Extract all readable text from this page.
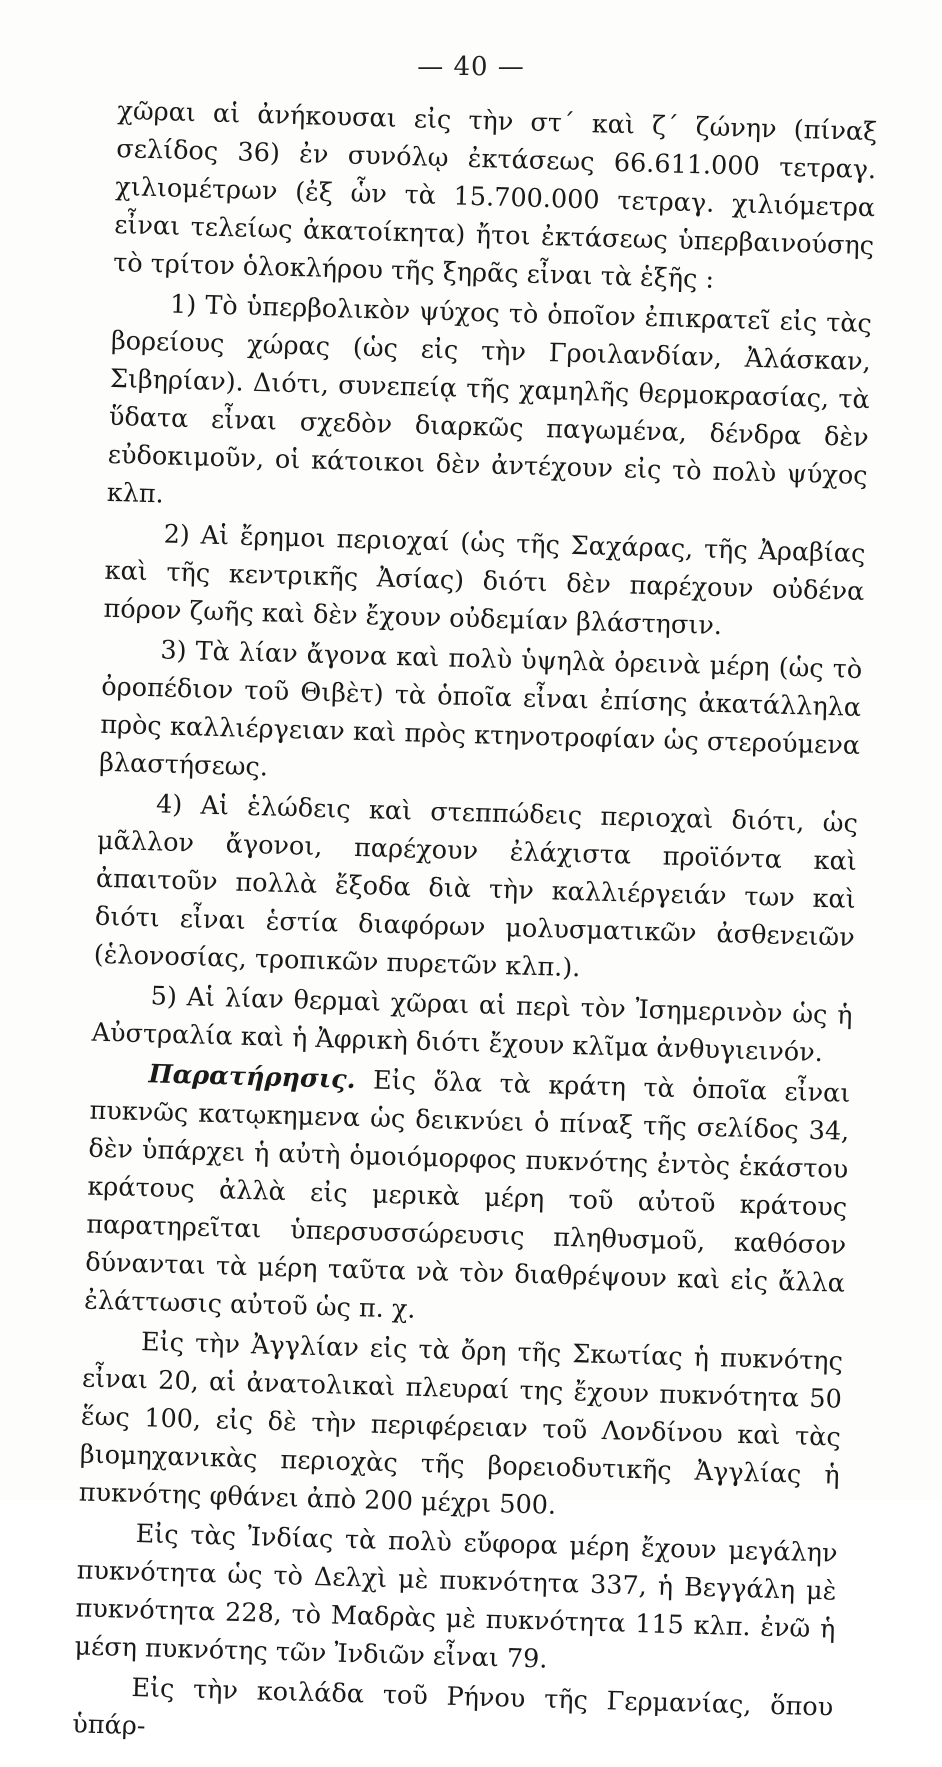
— 40 —

χῶραι αἱ ἀνήκουσαι εἰς τὴν στ´ καὶ ζ´ ζώνην (πίναξ σελίδος 36) ἐν συνόλῳ ἐκτάσεως 66.611.000 τετραγ. χιλιομέτρων (ἐξ ὧν τὰ 15.700.000 τετραγ. χιλιόμετρα εἶναι τελείως ἀκατοίκητα) ἤτοι ἐκτάσεως ὑπερβαινούσης τὸ τρίτον ὁλοκλήρου τῆς ξηρᾶς εἶναι τὰ ἑξῆς :

1) Τὸ ὑπερβολικὸν ψύχος τὸ ὁποῖον ἐπικρατεῖ εἰς τὰς βορείους χώρας (ὡς εἰς τὴν Γροιλανδίαν, Ἀλάσκαν, Σιβηρίαν). Διότι, συνεπείᾳ τῆς χαμηλῆς θερμοκρασίας, τὰ ὕδατα εἶναι σχεδὸν διαρκῶς παγωμένα, δένδρα δὲν εὐδοκιμοῦν, οἱ κάτοικοι δὲν ἀντέχουν εἰς τὸ πολὺ ψύχος κλπ.

2) Αἱ ἔρημοι περιοχαί (ὡς τῆς Σαχάρας, τῆς Ἀραβίας καὶ τῆς κεντρικῆς Ἀσίας) διότι δὲν παρέχουν οὐδένα πόρον ζωῆς καὶ δὲν ἔχουν οὐδεμίαν βλάστησιν.

3) Τὰ λίαν ἄγονα καὶ πολὺ ὑψηλὰ ὀρεινὰ μέρη (ὡς τὸ ὀροπέδιον τοῦ Θιβὲτ) τὰ ὁποῖα εἶναι ἐπίσης ἀκατάλληλα πρὸς καλλιέργειαν καὶ πρὸς κτηνοτροφίαν ὡς στερούμενα βλαστήσεως.

4) Αἱ ἑλώδεις καὶ στεππώδεις περιοχαὶ διότι, ὡς μᾶλλον ἄγονοι, παρέχουν ἐλάχιστα προϊόντα καὶ ἀπαιτοῦν πολλὰ ἔξοδα διὰ τὴν καλλιέργειάν των καὶ διότι εἶναι ἑστία διαφόρων μολυσματικῶν ἀσθενειῶν (ἑλονοσίας, τροπικῶν πυρετῶν κλπ.).

5) Αἱ λίαν θερμαὶ χῶραι αἱ περὶ τὸν Ἰσημερινὸν ὡς ἡ Αὐστραλία καὶ ἡ Ἀφρικὴ διότι ἔχουν κλῖμα ἀνθυγιεινόν.

Παρατήρησις. Εἰς ὅλα τὰ κράτη τὰ ὁποῖα εἶναι πυκνῶς κατῳκημενα ὡς δεικνύει ὁ πίναξ τῆς σελίδος 34, δὲν ὑπάρχει ἡ αὐτὴ ὁμοιόμορφος πυκνότης ἐντὸς ἑκάστου κράτους ἀλλὰ εἰς μερικὰ μέρη τοῦ αὐτοῦ κράτους παρατηρεῖται ὑπερσυσσώρευσις πληθυσμοῦ, καθόσον δύνανται τὰ μέρη ταῦτα νὰ τὸν διαθρέψουν καὶ εἰς ἄλλα ἐλάττωσις αὐτοῦ ὡς π. χ.

Εἰς τὴν Ἀγγλίαν εἰς τὰ ὄρη τῆς Σκωτίας ἡ πυκνότης εἶναι 20, αἱ ἀνατολικαὶ πλευραί της ἔχουν πυκνότητα 50 ἕως 100, εἰς δὲ τὴν περιφέρειαν τοῦ Λονδίνου καὶ τὰς βιομηχανικὰς περιοχὰς τῆς βορειοδυτικῆς Ἀγγλίας ἡ πυκνότης φθάνει ἀπὸ 200 μέχρι 500.

Εἰς τὰς Ἰνδίας τὰ πολὺ εὔφορα μέρη ἔχουν μεγάλην πυκνότητα ὡς τὸ Δελχὶ μὲ πυκνότητα 337, ἡ Βεγγάλη μὲ πυκνότητα 228, τὸ Μαδρὰς μὲ πυκνότητα 115 κλπ. ἐνῶ ἡ μέση πυκνότης τῶν Ἰνδιῶν εἶναι 79.

Εἰς τὴν κοιλάδα τοῦ Ρήνου τῆς Γερμανίας, ὅπου ὑπάρ-
